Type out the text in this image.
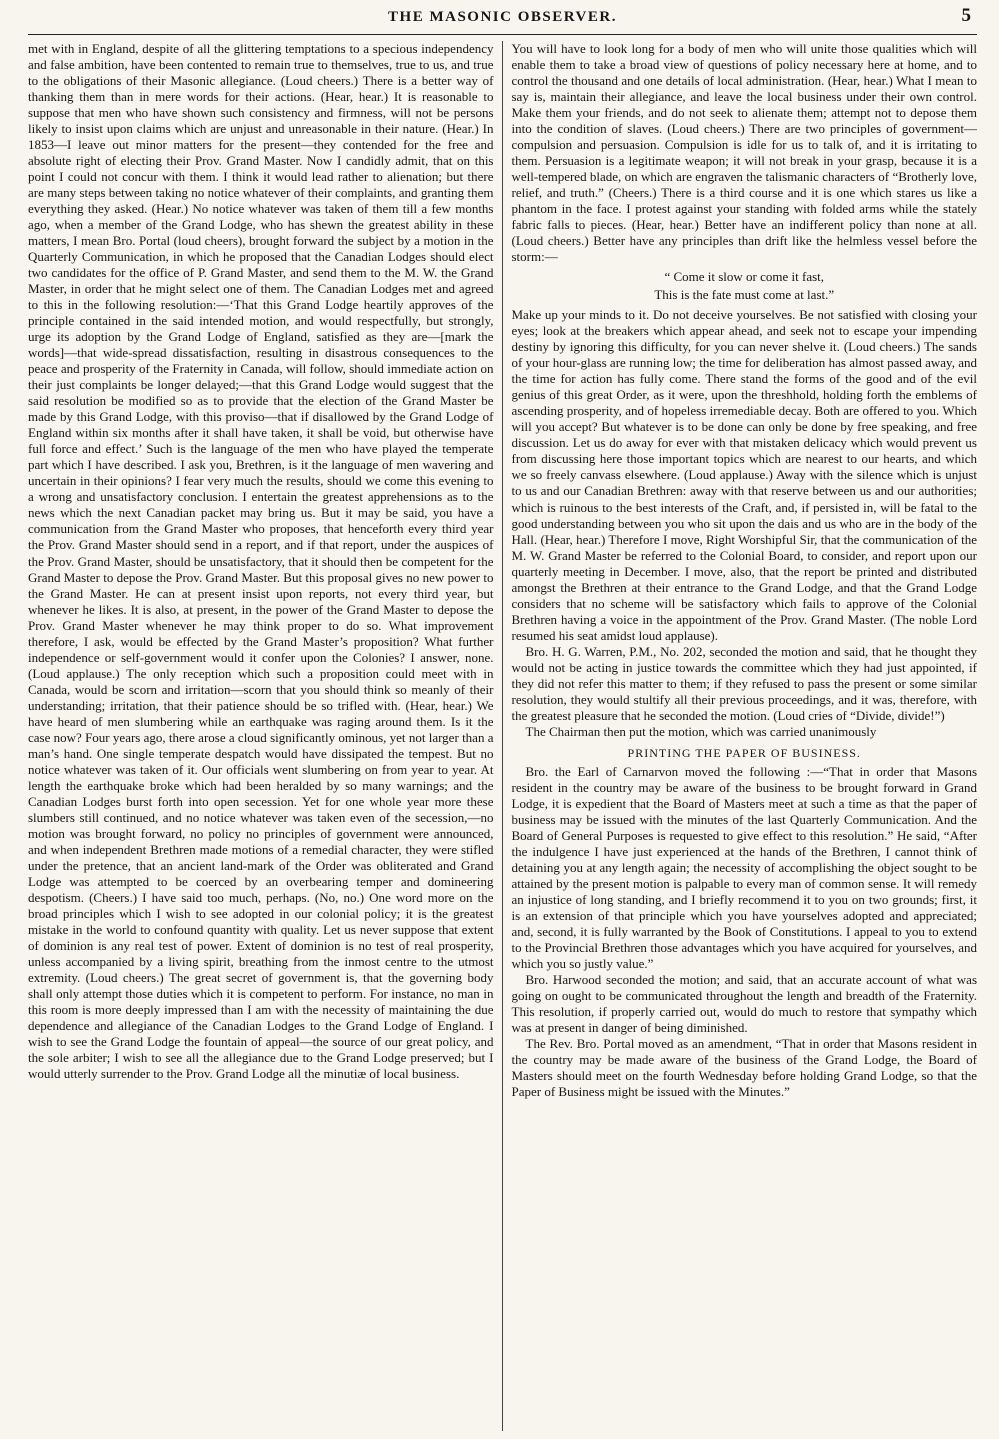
THE MASONIC OBSERVER.	5

met with in England, despite of all the glittering temptations to a specious independency and false ambition, have been contented to remain true to themselves, true to us, and true to the obligations of their Masonic allegiance. (Loud cheers.) There is a better way of thanking them than in mere words for their actions. (Hear, hear.) It is reasonable to suppose that men who have shown such consistency and firmness, will not be persons likely to insist upon claims which are unjust and unreasonable in their nature. (Hear.) In 1853—I leave out minor matters for the present—they contended for the free and absolute right of electing their Prov. Grand Master. Now I candidly admit, that on this point I could not concur with them. I think it would lead rather to alienation; but there are many steps between taking no notice whatever of their complaints, and granting them everything they asked. (Hear.) No notice whatever was taken of them till a few months ago, when a member of the Grand Lodge, who has shewn the greatest ability in these matters, I mean Bro. Portal (loud cheers), brought forward the subject by a motion in the Quarterly Communication, in which he proposed that the Canadian Lodges should elect two candidates for the office of P. Grand Master, and send them to the M. W. the Grand Master, in order that he might select one of them. The Canadian Lodges met and agreed to this in the following resolution:—‘That this Grand Lodge heartily approves of the principle contained in the said intended motion, and would respectfully, but strongly, urge its adoption by the Grand Lodge of England, satisfied as they are—[mark the words]—that wide-spread dissatisfaction, resulting in disastrous consequences to the peace and prosperity of the Fraternity in Canada, will follow, should immediate action on their just complaints be longer delayed;—that this Grand Lodge would suggest that the said resolution be modified so as to provide that the election of the Grand Master be made by this Grand Lodge, with this proviso—that if disallowed by the Grand Lodge of England within six months after it shall have taken, it shall be void, but otherwise have full force and effect.’ Such is the language of the men who have played the temperate part which I have described. I ask you, Brethren, is it the language of men wavering and uncertain in their opinions? I fear very much the results, should we come this evening to a wrong and unsatisfactory conclusion. I entertain the greatest apprehensions as to the news which the next Canadian packet may bring us. But it may be said, you have a communication from the Grand Master who proposes, that henceforth every third year the Prov. Grand Master should send in a report, and if that report, under the auspices of the Prov. Grand Master, should be unsatisfactory, that it should then be competent for the Grand Master to depose the Prov. Grand Master. But this proposal gives no new power to the Grand Master. He can at present insist upon reports, not every third year, but whenever he likes. It is also, at present, in the power of the Grand Master to depose the Prov. Grand Master whenever he may think proper to do so. What improvement therefore, I ask, would be effected by the Grand Master’s proposition? What further independence or self-government would it confer upon the Colonies? I answer, none. (Loud applause.) The only reception which such a proposition could meet with in Canada, would be scorn and irritation—scorn that you should think so meanly of their understanding; irritation, that their patience should be so trifled with. (Hear, hear.) We have heard of men slumbering while an earthquake was raging around them. Is it the case now? Four years ago, there arose a cloud significantly ominous, yet not larger than a man’s hand. One single temperate despatch would have dissipated the tempest. But no notice whatever was taken of it. Our officials went slumbering on from year to year. At length the earthquake broke which had been heralded by so many warnings; and the Canadian Lodges burst forth into open secession. Yet for one whole year more these slumbers still continued, and no notice whatever was taken even of the secession,—no motion was brought forward, no policy no principles of government were announced, and when independent Brethren made motions of a remedial character, they were stifled under the pretence, that an ancient land-mark of the Order was obliterated and Grand Lodge was attempted to be coerced by an overbearing temper and domineering despotism. (Cheers.) I have said too much, perhaps. (No, no.) One word more on the broad principles which I wish to see adopted in our colonial policy; it is the greatest mistake in the world to confound quantity with quality. Let us never suppose that extent of dominion is any real test of power. Extent of dominion is no test of real prosperity, unless accompanied by a living spirit, breathing from the inmost centre to the utmost extremity. (Loud cheers.) The great secret of government is, that the governing body shall only attempt those duties which it is competent to perform. For instance, no man in this room is more deeply impressed than I am with the necessity of maintaining the due dependence and allegiance of the Canadian Lodges to the Grand Lodge of England. I wish to see the Grand Lodge the fountain of appeal—the source of our great policy, and the sole arbiter; I wish to see all the allegiance due to the Grand Lodge preserved; but I would utterly surrender to the Prov. Grand Lodge all the minutiæ of local business.

You will have to look long for a body of men who will unite those qualities which will enable them to take a broad view of questions of policy necessary here at home, and to control the thousand and one details of local administration. (Hear, hear.) What I mean to say is, maintain their allegiance, and leave the local business under their own control. Make them your friends, and do not seek to alienate them; attempt not to depose them into the condition of slaves. (Loud cheers.) There are two principles of government—compulsion and persuasion. Compulsion is idle for us to talk of, and it is irritating to them. Persuasion is a legitimate weapon; it will not break in your grasp, because it is a well-tempered blade, on which are engraven the talismanic characters of “Brotherly love, relief, and truth.” (Cheers.) There is a third course and it is one which stares us like a phantom in the face. I protest against your standing with folded arms while the stately fabric falls to pieces. (Hear, hear.) Better have an indifferent policy than none at all. (Loud cheers.) Better have any principles than drift like the helmless vessel before the storm:—

“ Come it slow or come it fast,
This is the fate must come at last.”

Make up your minds to it. Do not deceive yourselves. Be not satisfied with closing your eyes; look at the breakers which appear ahead, and seek not to escape your impending destiny by ignoring this difficulty, for you can never shelve it. (Loud cheers.) The sands of your hour-glass are running low; the time for deliberation has almost passed away, and the time for action has fully come. There stand the forms of the good and of the evil genius of this great Order, as it were, upon the threshhold, holding forth the emblems of ascending prosperity, and of hopeless irremediable decay. Both are offered to you. Which will you accept? But whatever is to be done can only be done by free speaking, and free discussion. Let us do away for ever with that mistaken delicacy which would prevent us from discussing here those important topics which are nearest to our hearts, and which we so freely canvass elsewhere. (Loud applause.) Away with the silence which is unjust to us and our Canadian Brethren: away with that reserve between us and our authorities; which is ruinous to the best interests of the Craft, and, if persisted in, will be fatal to the good understanding between you who sit upon the dais and us who are in the body of the Hall. (Hear, hear.) Therefore I move, Right Worshipful Sir, that the communication of the M. W. Grand Master be referred to the Colonial Board, to consider, and report upon our quarterly meeting in December. I move, also, that the report be printed and distributed amongst the Brethren at their entrance to the Grand Lodge, and that the Grand Lodge considers that no scheme will be satisfactory which fails to approve of the Colonial Brethren having a voice in the appointment of the Prov. Grand Master. (The noble Lord resumed his seat amidst loud applause).

Bro. H. G. Warren, P.M., No. 202, seconded the motion and said, that he thought they would not be acting in justice towards the committee which they had just appointed, if they did not refer this matter to them; if they refused to pass the present or some similar resolution, they would stultify all their previous proceedings, and it was, therefore, with the greatest pleasure that he seconded the motion. (Loud cries of “Divide, divide!”)

The Chairman then put the motion, which was carried unanimously

PRINTING THE PAPER OF BUSINESS.

Bro. the Earl of Carnarvon moved the following :—“That in order that Masons resident in the country may be aware of the business to be brought forward in Grand Lodge, it is expedient that the Board of Masters meet at such a time as that the paper of business may be issued with the minutes of the last Quarterly Communication. And the Board of General Purposes is requested to give effect to this resolution.” He said, “After the indulgence I have just experienced at the hands of the Brethren, I cannot think of detaining you at any length again; the necessity of accomplishing the object sought to be attained by the present motion is palpable to every man of common sense. It will remedy an injustice of long standing, and I briefly recommend it to you on two grounds; first, it is an extension of that principle which you have yourselves adopted and appreciated; and, second, it is fully warranted by the Book of Constitutions. I appeal to you to extend to the Provincial Brethren those advantages which you have acquired for yourselves, and which you so justly value.”

Bro. Harwood seconded the motion; and said, that an accurate account of what was going on ought to be communicated throughout the length and breadth of the Fraternity. This resolution, if properly carried out, would do much to restore that sympathy which was at present in danger of being diminished.

The Rev. Bro. Portal moved as an amendment, “That in order that Masons resident in the country may be made aware of the business of the Grand Lodge, the Board of Masters should meet on the fourth Wednesday before holding Grand Lodge, so that the Paper of Business might be issued with the Minutes.”
